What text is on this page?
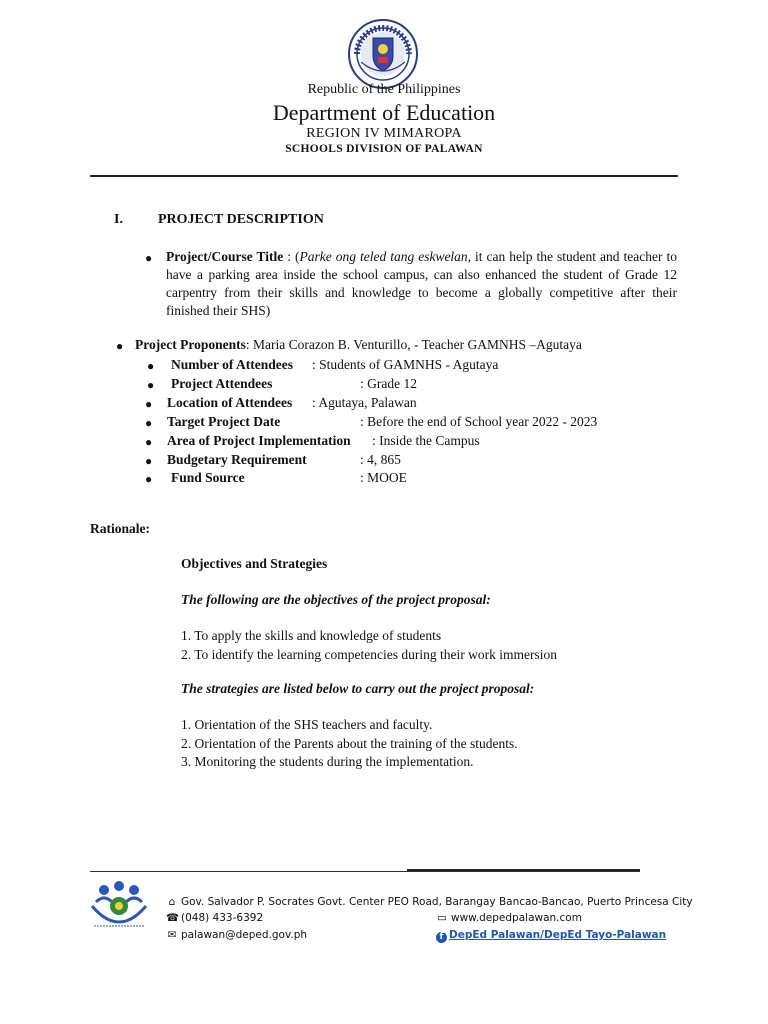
Republic of the Philippines
Department of Education
REGION IV MIMAROPA
SCHOOLS DIVISION OF PALAWAN
I.	PROJECT DESCRIPTION
● Project/Course Title : (Parke ong teled tang eskwelan, it can help the student and teacher to have a parking area inside the school campus, can also enhanced the student of Grade 12 carpentry from their skills and knowledge to become a globally competitive after their finished their SHS)
● Project Proponents: Maria Corazon B. Venturillo, - Teacher GAMNHS –Agutaya
● Number of Attendees : Students of GAMNHS - Agutaya
● Project Attendees	: Grade 12
● Location of Attendees : Agutaya, Palawan
● Target Project Date	: Before the end of School year 2022 - 2023
● Area of Project Implementation : Inside the Campus
● Budgetary Requirement	: 4, 865
● Fund Source	: MOOE
Rationale:
Objectives and Strategies
The following are the objectives of the project proposal:
1. To apply the skills and knowledge of students
2. To identify the learning competencies during their work immersion
The strategies are listed below to carry out the project proposal:
1. Orientation of the SHS teachers and faculty.
2. Orientation of the Parents about the training of the students.
3. Monitoring the students during the implementation.
⌂ Gov. Salvador P. Socrates Govt. Center PEO Road, Barangay Bancao-Bancao, Puerto Princesa City
☎ (048) 433-6392
✉ palawan@deped.gov.ph
▭ www.depedpalawan.com
f DepEd Palawan/DepEd Tayo-Palawan
